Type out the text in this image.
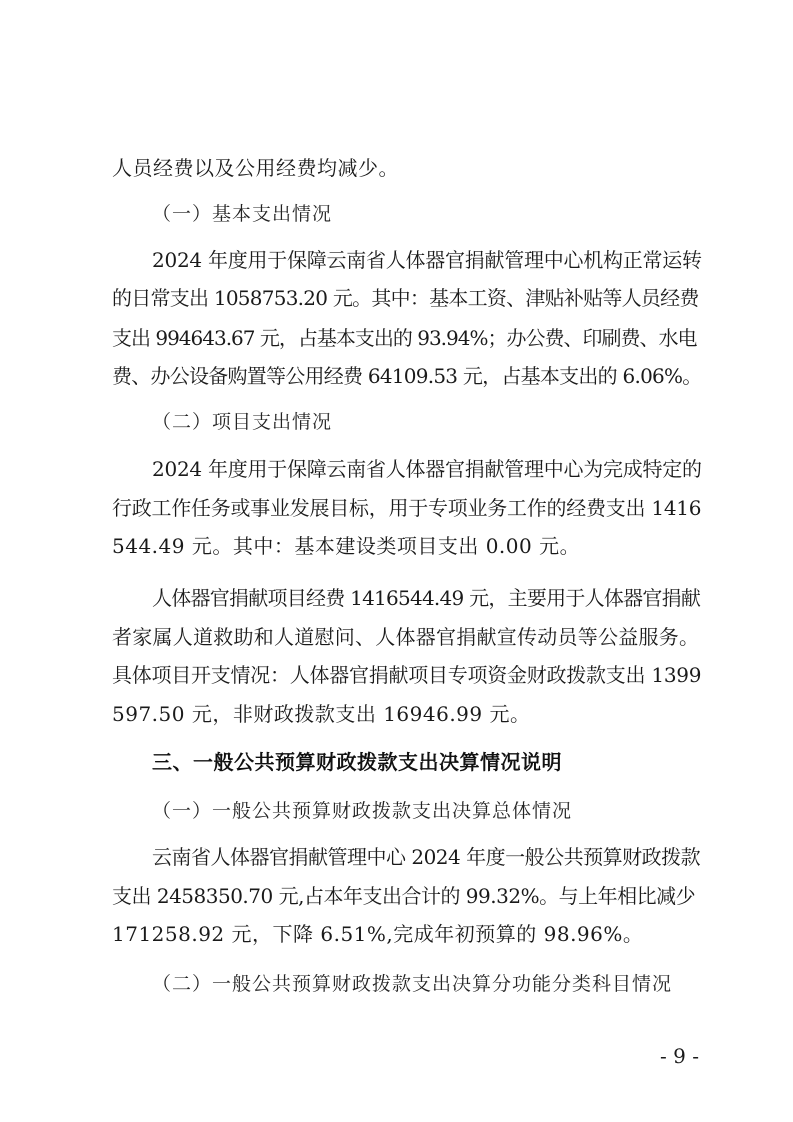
人员经费以及公用经费均减少。
（一）基本支出情况
2024 年度用于保障云南省人体器官捐献管理中心机构正常运转
的日常支出 1058753.20 元。其中：基本工资、津贴补贴等人员经费
支出 994643.67 元，占基本支出的 93.94%；办公费、印刷费、水电
费、办公设备购置等公用经费 64109.53 元，占基本支出的 6.06%。
（二）项目支出情况
2024 年度用于保障云南省人体器官捐献管理中心为完成特定的
行政工作任务或事业发展目标，用于专项业务工作的经费支出 1416
544.49 元。其中：基本建设类项目支出 0.00 元。
人体器官捐献项目经费 1416544.49 元，主要用于人体器官捐献
者家属人道救助和人道慰问、人体器官捐献宣传动员等公益服务。
具体项目开支情况：人体器官捐献项目专项资金财政拨款支出 1399
597.50 元，非财政拨款支出 16946.99 元。
三、一般公共预算财政拨款支出决算情况说明
（一）一般公共预算财政拨款支出决算总体情况
云南省人体器官捐献管理中心 2024 年度一般公共预算财政拨款
支出 2458350.70 元,占本年支出合计的 99.32%。与上年相比减少
171258.92 元，下降 6.51%,完成年初预算的 98.96%。
（二）一般公共预算财政拨款支出决算分功能分类科目情况
- 9 -
